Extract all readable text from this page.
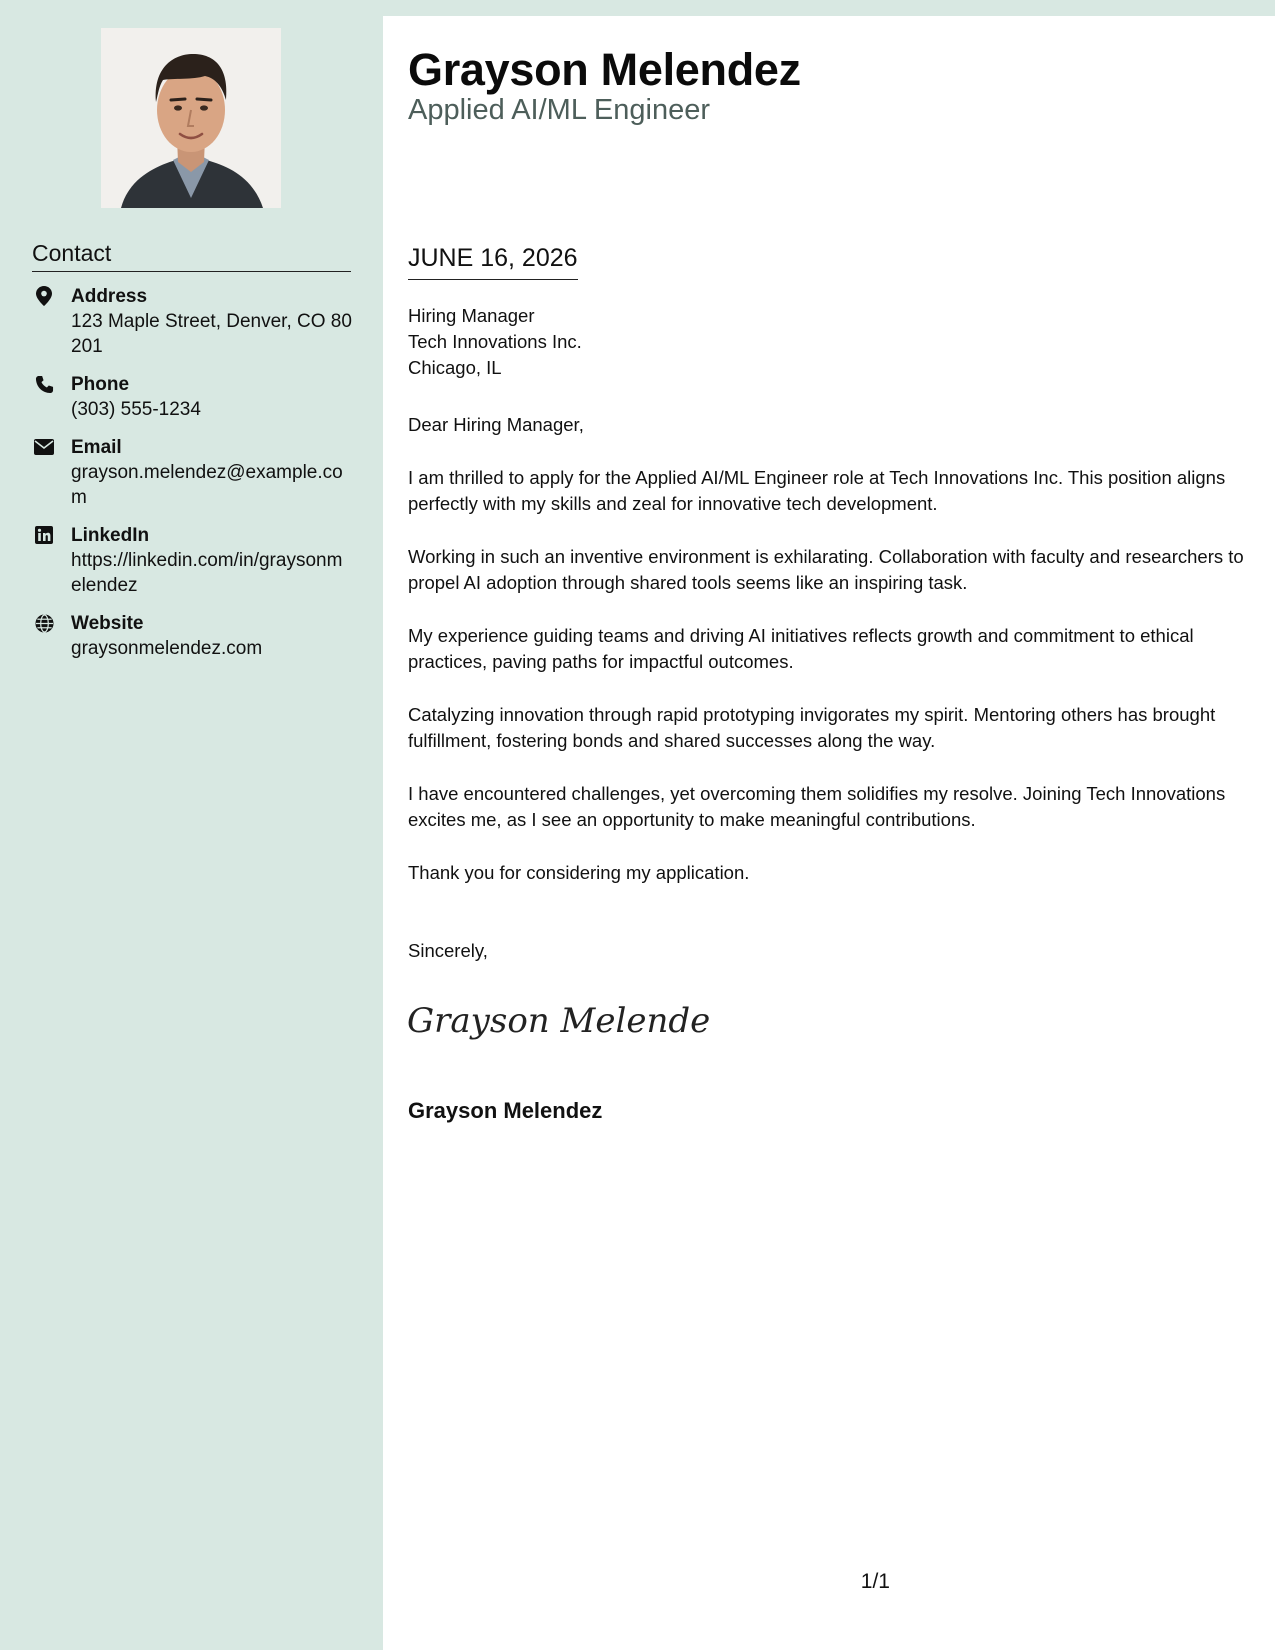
Contact
Address
123 Maple Street, Denver, CO 80201
Phone
(303) 555-1234
Email
grayson.melendez@example.com
LinkedIn
https://linkedin.com/in/graysonmelendez
Website
graysonmelendez.com
Grayson Melendez
Applied AI/ML Engineer
JUNE 16, 2026
Hiring Manager
Tech Innovations Inc.
Chicago, IL

Dear Hiring Manager,

I am thrilled to apply for the Applied AI/ML Engineer role at Tech Innovations Inc. This position aligns perfectly with my skills and zeal for innovative tech development.

Working in such an inventive environment is exhilarating. Collaboration with faculty and researchers to propel AI adoption through shared tools seems like an inspiring task.

My experience guiding teams and driving AI initiatives reflects growth and commitment to ethical practices, paving paths for impactful outcomes.

Catalyzing innovation through rapid prototyping invigorates my spirit. Mentoring others has brought fulfillment, fostering bonds and shared successes along the way.

I have encountered challenges, yet overcoming them solidifies my resolve. Joining Tech Innovations excites me, as I see an opportunity to make meaningful contributions.

Thank you for considering my application.

Sincerely,
Grayson Melende
Grayson Melendez
1/1
